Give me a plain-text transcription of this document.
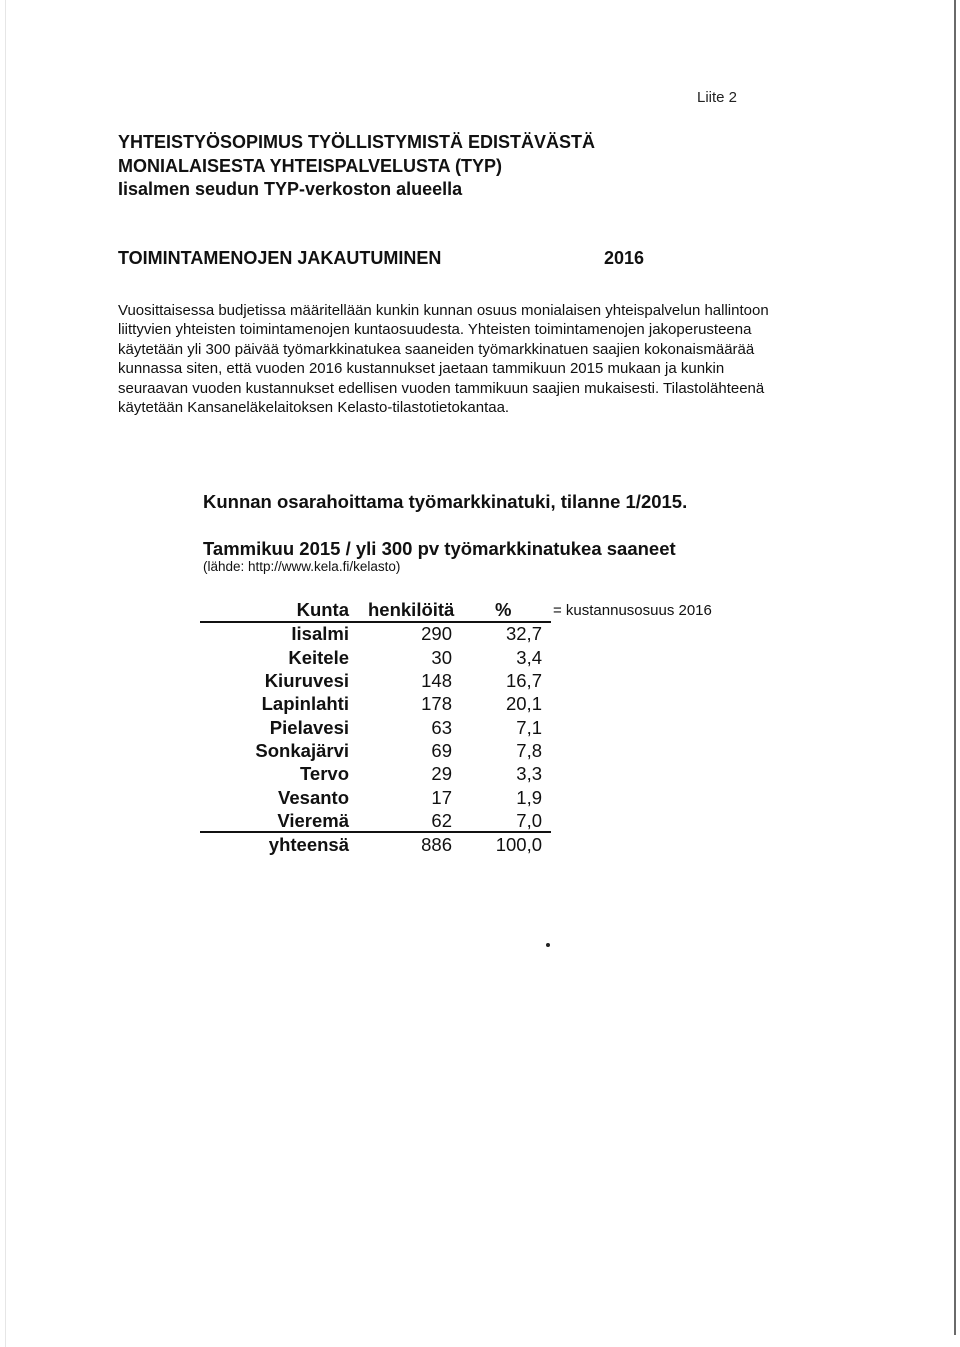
Liite 2
YHTEISTYÖSOPIMUS TYÖLLISTYMISTÄ EDISTÄVÄSTÄ
MONIALAISESTA YHTEISPALVELUSTA (TYP)
Iisalmen seudun TYP-verkoston alueella
TOIMINTAMENOJEN JAKAUTUMINEN	2016
Vuosittaisessa budjetissa määritellään kunkin kunnan osuus monialaisen yhteispalvelun hallintoon
liittyvien yhteisten toimintamenojen kuntaosuudesta. Yhteisten toimintamenojen jakoperusteena
käytetään yli 300 päivää työmarkkinatukea saaneiden työmarkkinatuen saajien kokonaismäärää
kunnassa siten, että vuoden 2016 kustannukset jaetaan tammikuun 2015 mukaan ja kunkin
seuraavan vuoden kustannukset edellisen vuoden tammikuun saajien mukaisesti. Tilastolähteenä
käytetään Kansaneläkelaitoksen Kelasto-tilastotietokantaa.
Kunnan osarahoittama työmarkkinatuki, tilanne 1/2015.
Tammikuu 2015 / yli 300 pv työmarkkinatukea saaneet
(lähde: http://www.kela.fi/kelasto)
Kunta henkilöitä %	= kustannusosuus 2016
Iisalmi	290	32,7
Keitele	30	3,4
Kiuruvesi	148	16,7
Lapinlahti	178	20,1
Pielavesi	63	7,1
Sonkajärvi	69	7,8
Tervo	29	3,3
Vesanto	17	1,9
Vieremä	62	7,0
yhteensä	886	100,0
